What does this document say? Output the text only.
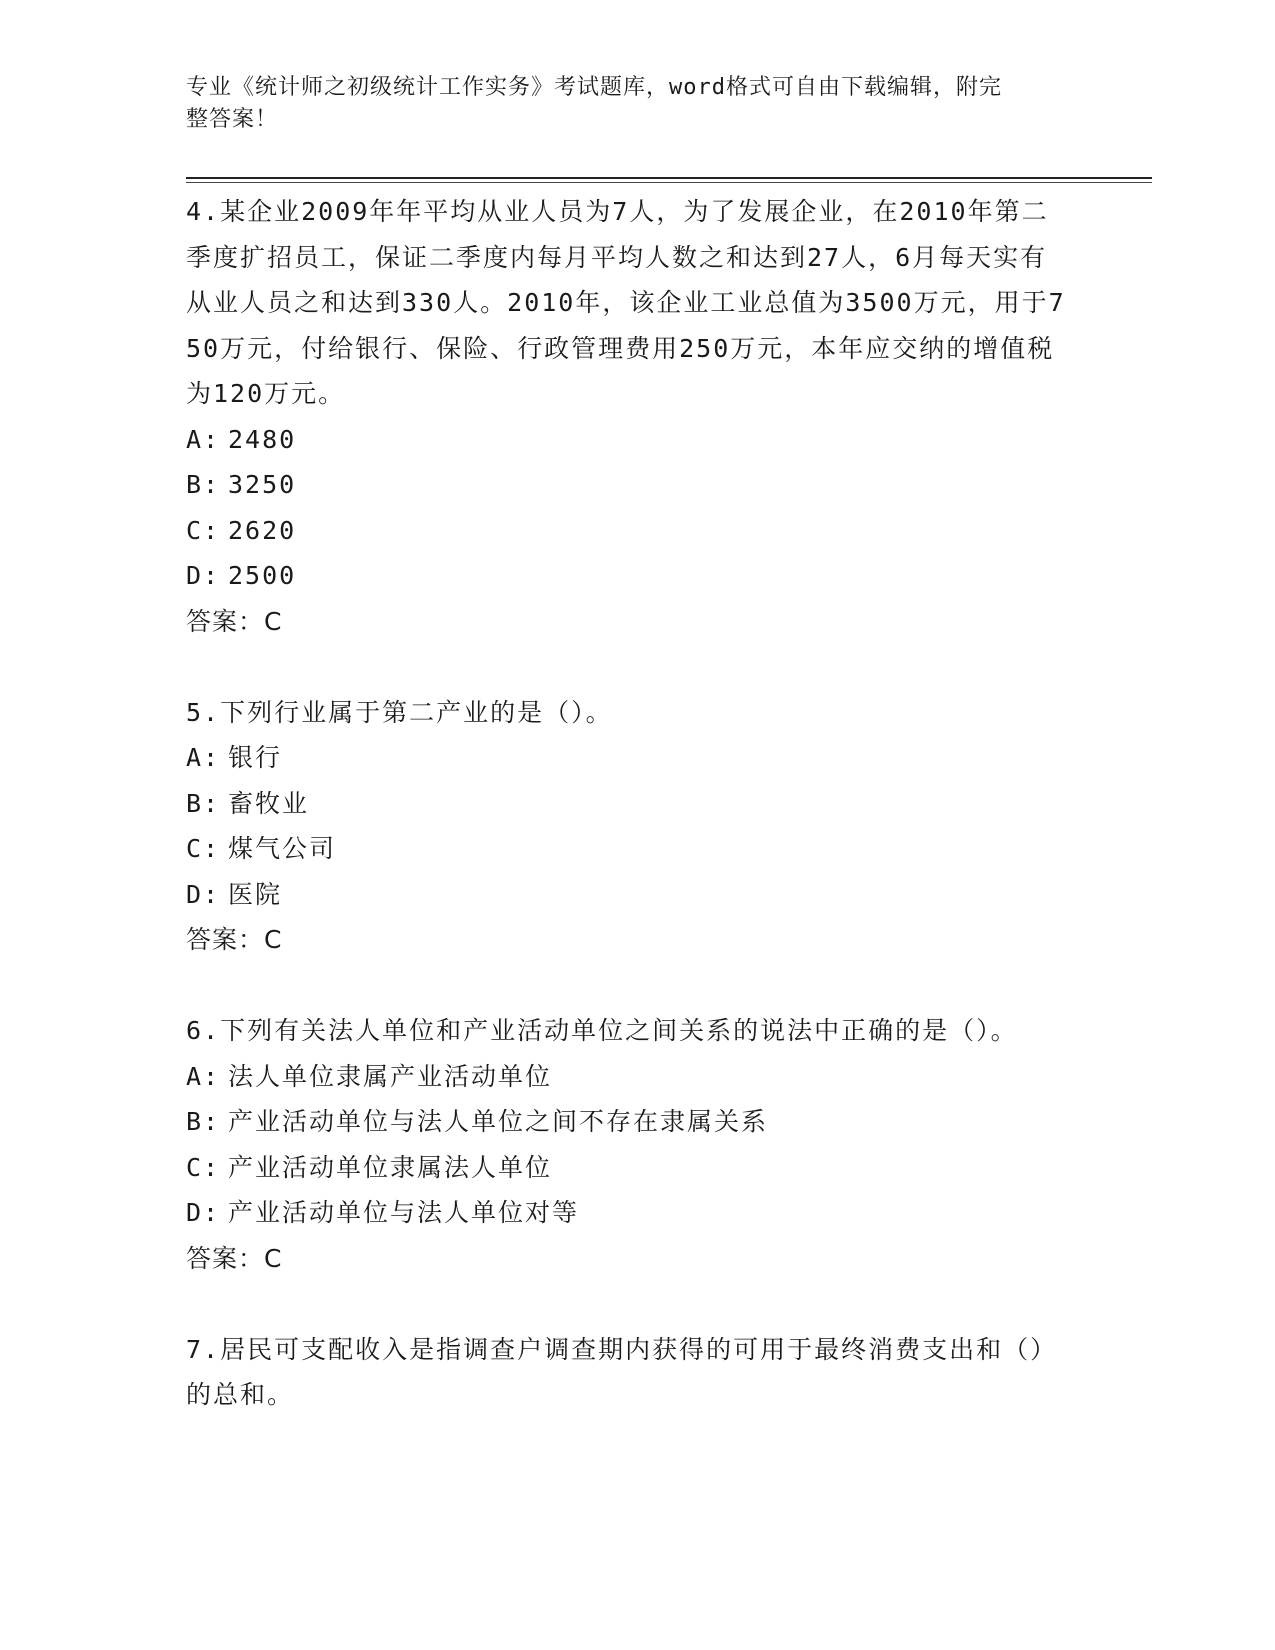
专业《统计师之初级统计工作实务》考试题库，word格式可自由下载编辑，附完
整答案！
4.某企业2009年年平均从业人员为7人，为了发展企业，在2010年第二季度扩招员工，保证二季度内每月平均人数之和达到27人，6月每天实有从业人员之和达到330人。2010年，该企业工业总值为3500万元，用于750万元，付给银行、保险、行政管理费用250万元，本年应交纳的增值税为120万元。
A: 2480
B: 3250
C: 2620
D: 2500
答案：C
5.下列行业属于第二产业的是（）。
A: 银行
B: 畜牧业
C: 煤气公司
D: 医院
答案：C
6.下列有关法人单位和产业活动单位之间关系的说法中正确的是（）。
A: 法人单位隶属产业活动单位
B: 产业活动单位与法人单位之间不存在隶属关系
C: 产业活动单位隶属法人单位
D: 产业活动单位与法人单位对等
答案：C
7.居民可支配收入是指调查户调查期内获得的可用于最终消费支出和（）的总和。
